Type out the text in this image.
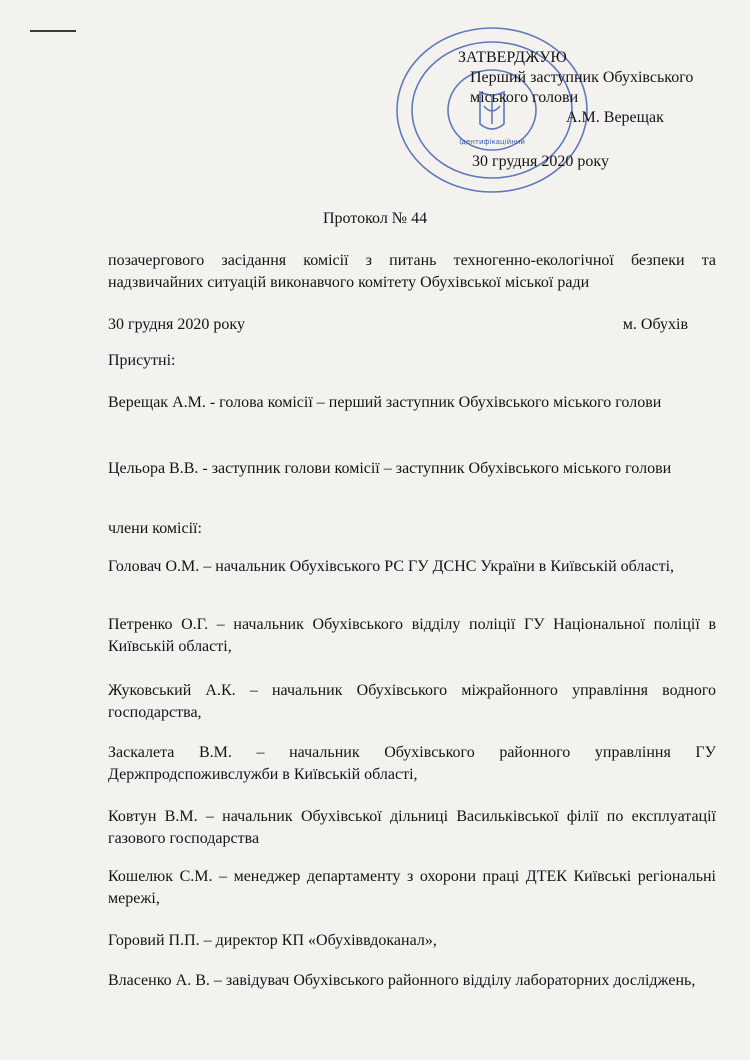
Ідентифікаційний
ЗАТВЕРДЖУЮ
Перший заступник Обухівського
міського голови
А.М. Верещак
30 грудня 2020 року
Протокол № 44
позачергового засідання комісії з питань техногенно-екологічної безпеки та надзвичайних ситуацій виконавчого комітету Обухівської міської ради
30 грудня 2020 року	м. Обухів
Присутні:
Верещак А.М. - голова комісії – перший заступник Обухівського міського голови
Цельора В.В. - заступник голови комісії – заступник Обухівського міського голови
члени комісії:
Головач О.М. – начальник Обухівського РС ГУ ДСНС України в Київській області,
Петренко О.Г. – начальник Обухівського відділу поліції ГУ Національної поліції в Київській області,
Жуковський А.К. – начальник Обухівського міжрайонного управління водного господарства,
Заскалета В.М. – начальник Обухівського районного управління ГУ Держпродспоживслужби в Київській області,
Ковтун В.М. – начальник Обухівської дільниці Васильківської філії по експлуатації газового господарства
Кошелюк С.М. – менеджер департаменту з охорони праці ДТЕК Київські регіональні мережі,
Горовий П.П. – директор КП «Обухіввдоканал»,
Власенко А. В. – завідувач Обухівського районного відділу лабораторних досліджень,
